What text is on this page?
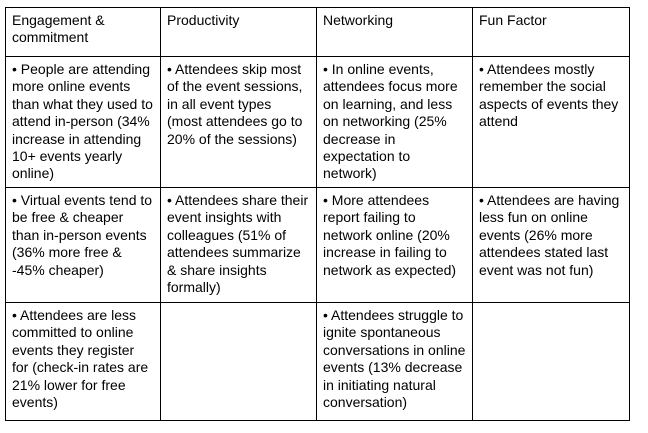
Engagement & commitment	Productivity	Networking	Fun Factor
• People are attending more online events than what they used to attend in-person (34% increase in attending 10+ events yearly online)	• Attendees skip most of the event sessions, in all event types (most attendees go to 20% of the sessions)	• In online events, attendees focus more on learning, and less on networking (25% decrease in expectation to network)	• Attendees mostly remember the social aspects of events they attend
• Virtual events tend to be free & cheaper than in-person events (36% more free & -45% cheaper)	• Attendees share their event insights with colleagues (51% of attendees summarize & share insights formally)	• More attendees report failing to network online (20% increase in failing to network as expected)	• Attendees are having less fun on online events (26% more attendees stated last event was not fun)
• Attendees are less committed to online events they register for (check-in rates are 21% lower for free events)		• Attendees struggle to ignite spontaneous conversations in online events (13% decrease in initiating natural conversation)	
